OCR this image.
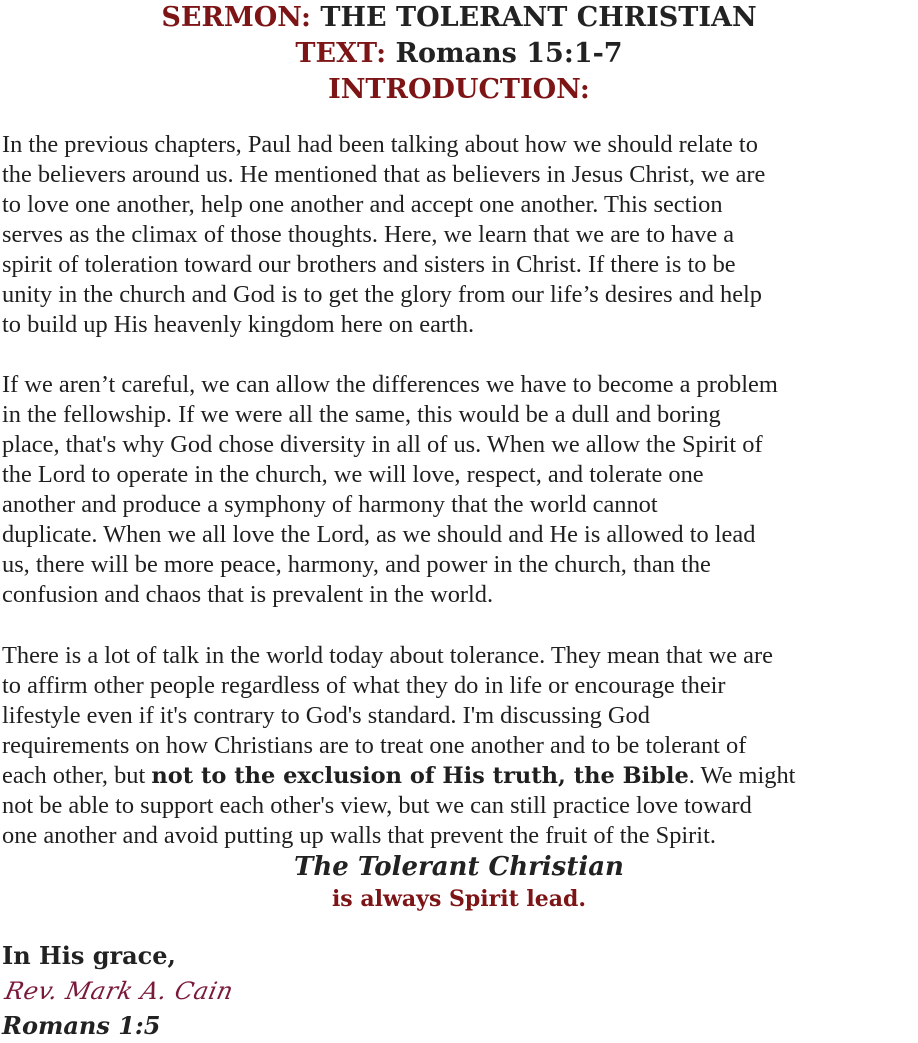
SERMON: THE TOLERANT CHRISTIAN
TEXT: Romans 15:1-7
INTRODUCTION:
In the previous chapters, Paul had been talking about how we should relate to
the believers around us. He mentioned that as believers in Jesus Christ, we are
to love one another, help one another and accept one another. This section
serves as the climax of those thoughts. Here, we learn that we are to have a
spirit of toleration toward our brothers and sisters in Christ. If there is to be
unity in the church and God is to get the glory from our life’s desires and help
to build up His heavenly kingdom here on earth.
If we aren’t careful, we can allow the differences we have to become a problem
in the fellowship. If we were all the same, this would be a dull and boring
place, that's why God chose diversity in all of us. When we allow the Spirit of
the Lord to operate in the church, we will love, respect, and tolerate one
another and produce a symphony of harmony that the world cannot
duplicate. When we all love the Lord, as we should and He is allowed to lead
us, there will be more peace, harmony, and power in the church, than the
confusion and chaos that is prevalent in the world.
There is a lot of talk in the world today about tolerance. They mean that we are
to affirm other people regardless of what they do in life or encourage their
lifestyle even if it's contrary to God's standard. I'm discussing God
requirements on how Christians are to treat one another and to be tolerant of
each other, but not to the exclusion of His truth, the Bible. We might
not be able to support each other's view, but we can still practice love toward
one another and avoid putting up walls that prevent the fruit of the Spirit.
The Tolerant Christian
is always Spirit lead.
In His grace,
Rev. Mark A. Cain
Romans 1:5
